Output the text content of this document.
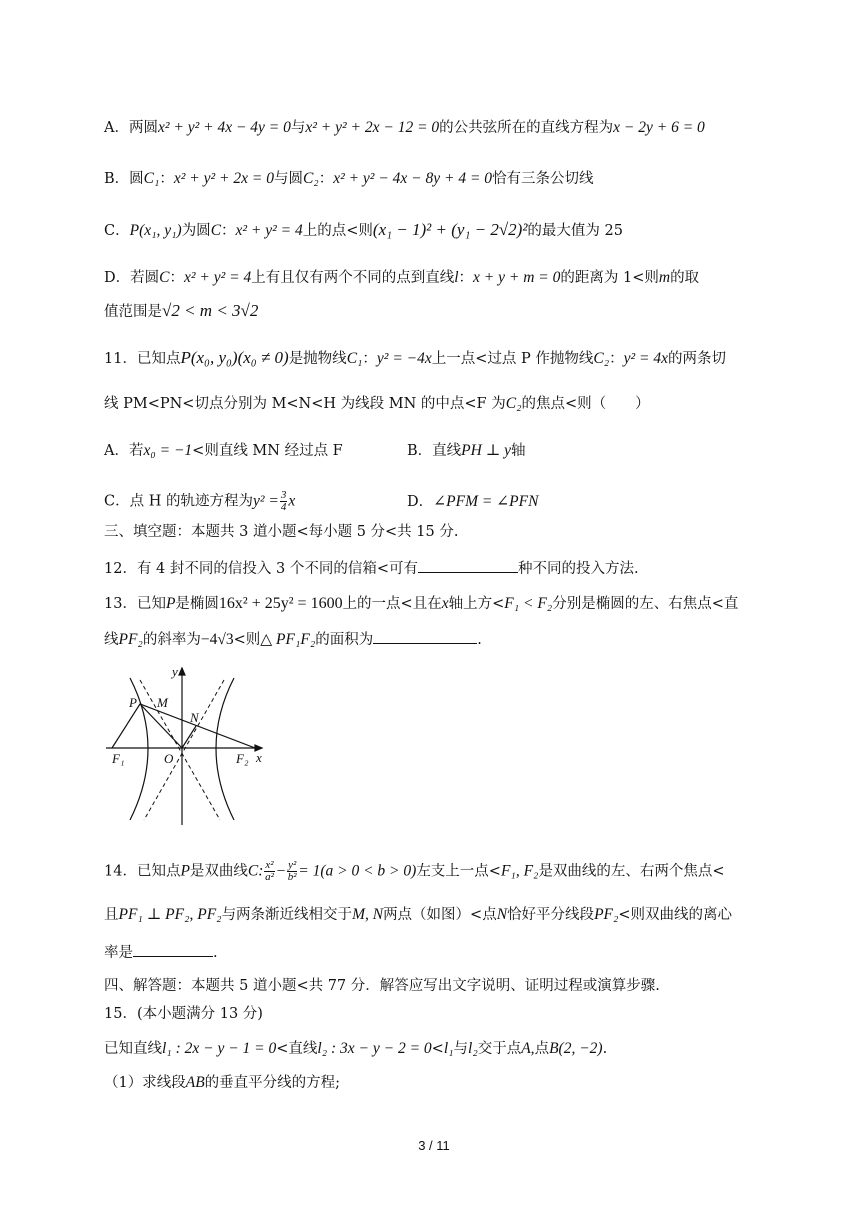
A．两圆x² + y² + 4x − 4y = 0与x² + y² + 2x − 12 = 0的公共弦所在的直线方程为x − 2y + 6 = 0
B．圆C₁：x² + y² + 2x = 0与圆C₂：x² + y² − 4x − 8y + 4 = 0恰有三条公切线
C．P(x₁, y₁)为圆C：x² + y² = 4上的点<则(x₁ − 1)² + (y₁ − 2√2)²的最大值为 25
D．若圆C：x² + y² = 4上有且仅有两个不同的点到直线l：x + y + m = 0的距离为 1<则m的取
值范围是√2 < m < 3√2
11．已知点P(x₀, y₀)(x₀ ≠ 0)是抛物线C₁：y² = −4x上一点<过点 P 作抛物线C₂：y² = 4x的两条切
线 PM<PN<切点分别为 M<N<H 为线段 MN 的中点<F 为C₂的焦点<则（　　）
A．若x₀ = −1<则直线 MN 经过点 F	B．直线PH ⊥ y轴
C．点 H 的轨迹方程为$y^2 = \frac{3}{4}$ x	D．∠PFM = ∠PFN
三、填空题：本题共 3 道小题<每小题 5 分<共 15 分.
12．有 4 封不同的信投入 3 个不同的信箱<可有	种不同的投入方法.
13．已知P是椭圆16x² + 25y² = 1600上的一点<且在x轴上方<F₁ < F₂分别是椭圆的左、右焦点<直
线PF₂的斜率为−4√3<则△ PF₁F₂的面积为	.
y
x
P M
N
F₁	O	F₂
14．已知点P是双曲线C: $\frac{\text{x²}}{\text{a²}} - \frac{\text{y²}}{\text{b²}} = 1(a > 0 < b > 0)$左支上一点<F₁, F₂是双曲线的左、右两个焦点<
且PF₁ ⊥ PF₂, PF₂与两条渐近线相交于M, N两点（如图）<点N恰好平分线段PF₂<则双曲线的离心
率是	.
四、解答题：本题共 5 道小题<共 77 分．解答应写出文字说明、证明过程或演算步骤.
15．(本小题满分 13 分)
已知直线l₁ : 2x − y − 1 = 0<直线l₂ : 3x − y − 2 = 0<l₁与l₂交于点A,点B(2, −2).
（1）求线段AB的垂直平分线的方程;
3 / 11
